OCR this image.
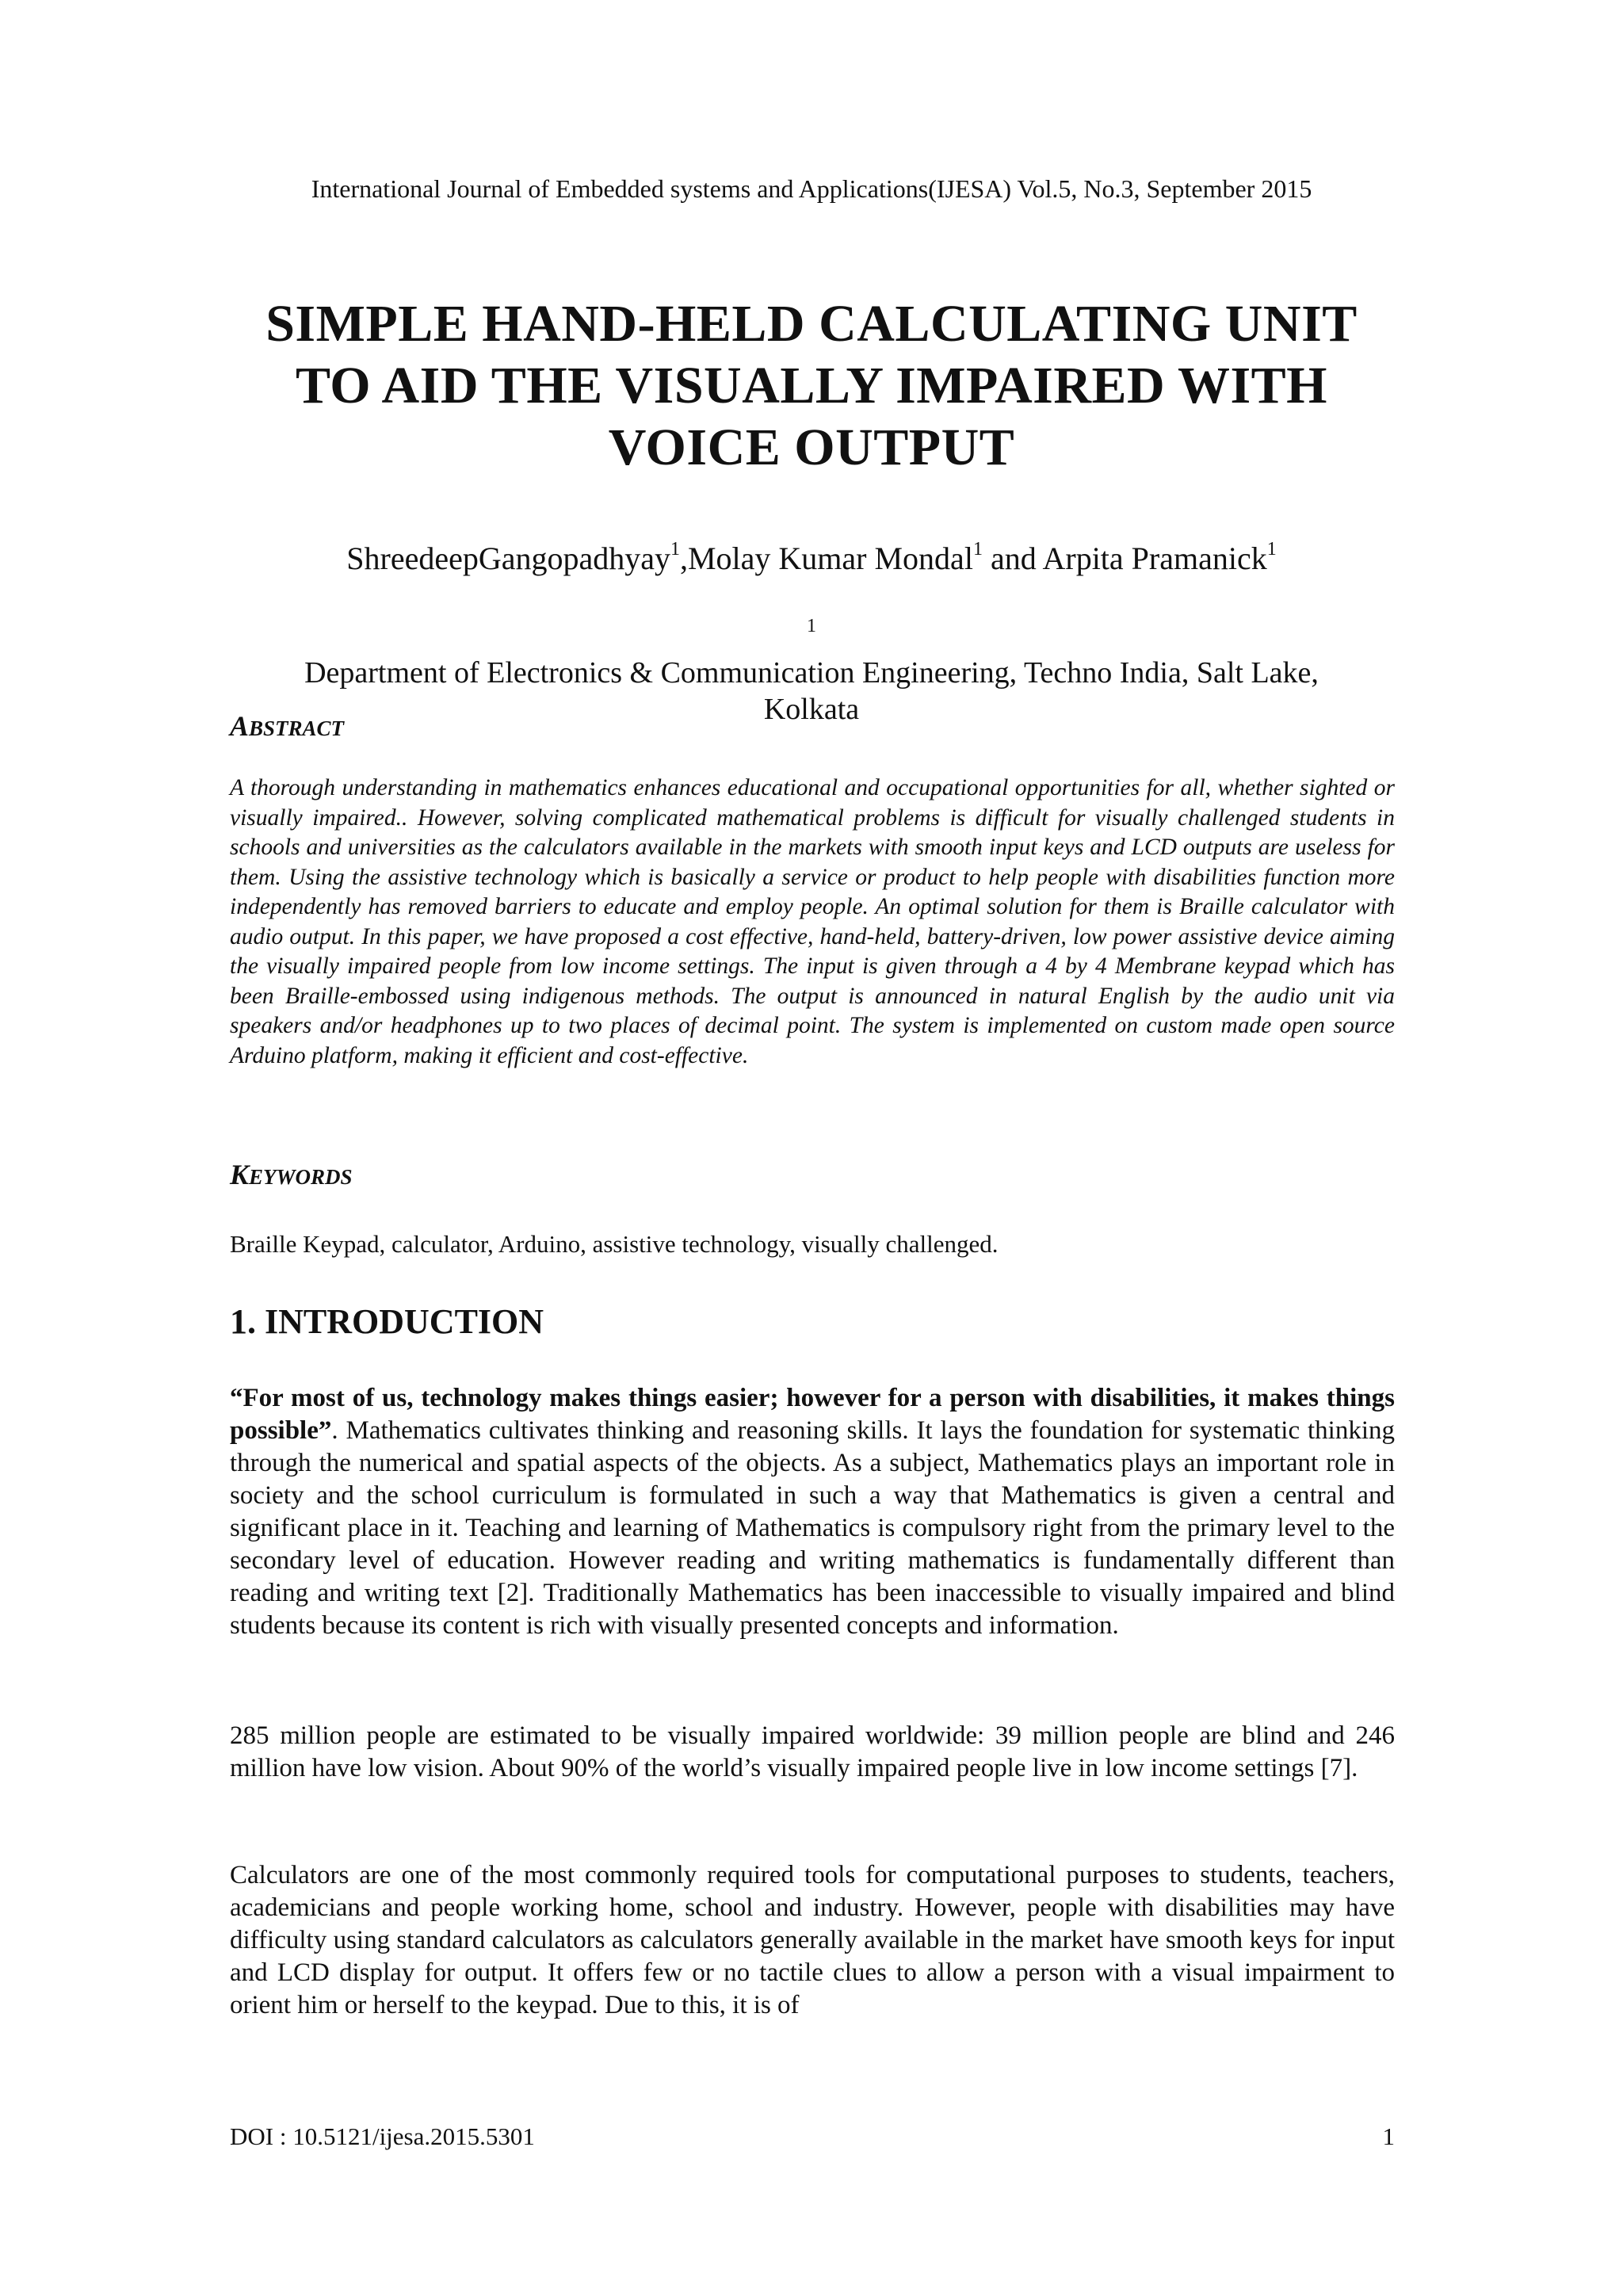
International Journal of Embedded systems and Applications(IJESA) Vol.5, No.3, September 2015
SIMPLE HAND-HELD CALCULATING UNIT
TO AID THE VISUALLY IMPAIRED WITH
VOICE OUTPUT
ShreedeepGangopadhyay$^1$,Molay Kumar Mondal$^1$ and Arpita Pramanick$^1$
$^1$
Department of Electronics & Communication Engineering, Techno India, Salt Lake,
Kolkata
ABSTRACT
A thorough understanding in mathematics enhances educational and occupational opportunities for all, whether sighted or visually impaired.. However, solving complicated mathematical problems is difficult for visually challenged students in schools and universities as the calculators available in the markets with smooth input keys and LCD outputs are useless for them. Using the assistive technology which is basically a service or product to help people with disabilities function more independently has removed barriers to educate and employ people. An optimal solution for them is Braille calculator with audio output. In this paper, we have proposed a cost effective, hand-held, battery-driven, low power assistive device aiming the visually impaired people from low income settings. The input is given through a 4 by 4 Membrane keypad which has been Braille-embossed using indigenous methods. The output is announced in natural English by the audio unit via speakers and/or headphones up to two places of decimal point. The system is implemented on custom made open source Arduino platform, making it efficient and cost-effective.
KEYWORDS
Braille Keypad, calculator, Arduino, assistive technology, visually challenged.
1. INTRODUCTION
“For most of us, technology makes things easier; however for a person with disabilities, it makes things possible”. Mathematics cultivates thinking and reasoning skills. It lays the foundation for systematic thinking through the numerical and spatial aspects of the objects. As a subject, Mathematics plays an important role in society and the school curriculum is formulated in such a way that Mathematics is given a central and significant place in it. Teaching and learning of Mathematics is compulsory right from the primary level to the secondary level of education. However reading and writing mathematics is fundamentally different than reading and writing text [2]. Traditionally Mathematics has been inaccessible to visually impaired and blind students because its content is rich with visually presented concepts and information.
285 million people are estimated to be visually impaired worldwide: 39 million people are blind and 246 million have low vision. About 90% of the world’s visually impaired people live in low income settings [7].
Calculators are one of the most commonly required tools for computational purposes to students, teachers, academicians and people working home, school and industry. However, people with disabilities may have difficulty using standard calculators as calculators generally available in the market have smooth keys for input and LCD display for output. It offers few or no tactile clues to allow a person with a visual impairment to orient him or herself to the keypad. Due to this, it is of
DOI : 10.5121/ijesa.2015.5301	1
